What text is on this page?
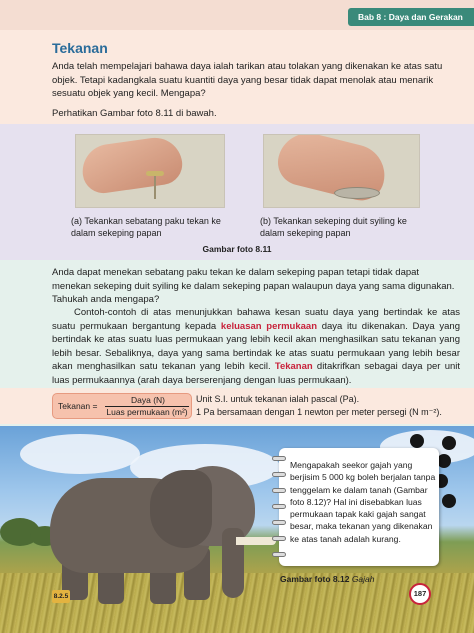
Bab 8 : Daya dan Gerakan
Tekanan
Anda telah mempelajari bahawa daya ialah tarikan atau tolakan yang dikenakan ke atas satu objek. Tetapi kadangkala suatu kuantiti daya yang besar tidak dapat menolak atau menarik sesuatu objek yang kecil. Mengapa?
Perhatikan Gambar foto 8.11 di bawah.
(a) Tekankan sebatang paku tekan ke dalam sekeping papan
(b) Tekankan sekeping duit syiling ke dalam sekeping papan
Gambar foto 8.11
Anda dapat menekan sebatang paku tekan ke dalam sekeping papan tetapi tidak dapat menekan sekeping duit syiling ke dalam sekeping papan walaupun daya yang sama digunakan. Tahukah anda mengapa?
Contoh-contoh di atas menunjukkan bahawa kesan suatu daya yang bertindak ke atas suatu permukaan bergantung kepada keluasan permukaan daya itu dikenakan. Daya yang bertindak ke atas suatu luas permukaan yang lebih kecil akan menghasilkan satu tekanan yang lebih besar. Sebaliknya, daya yang sama bertindak ke atas suatu permukaan yang lebih besar akan menghasilkan satu tekanan yang lebih kecil. Tekanan ditakrifkan sebagai daya per unit luas permukaannya (arah daya berserenjang dengan luas permukaan).
Tekanan =
Daya (N)
Luas permukaan (m²)
Unit S.I. untuk tekanan ialah pascal (Pa).
1 Pa bersamaan dengan 1 newton per meter persegi (N m⁻²).
Mengapakah seekor gajah yang berjisim 5 000 kg boleh berjalan tanpa tenggelam ke dalam tanah (Gambar foto 8.12)? Hal ini disebabkan luas permukaan tapak kaki gajah sangat besar, maka tekanan yang dikenakan ke atas tanah adalah kurang.
Gambar foto 8.12 Gajah
8.2.5	187
